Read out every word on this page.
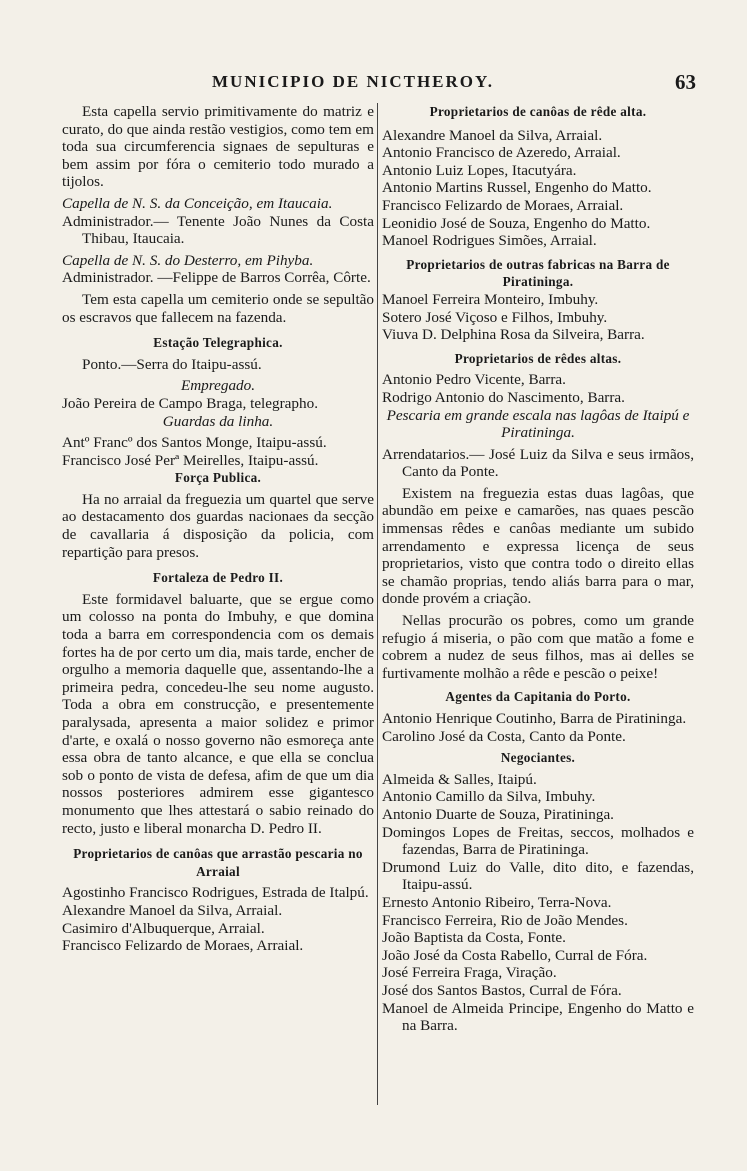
MUNICIPIO DE NICTHEROY.	63

Esta capella servio primitivamente do matriz e curato, do que ainda restão vestigios, como tem em toda sua circumferencia signaes de sepulturas e bem assim por fóra o cemiterio todo murado a tijolos.

Capella de N. S. da Conceição, em Itaucaia.

Administrador.— Tenente João Nunes da Costa Thibau, Itaucaia.

Capella de N. S. do Desterro, em Pihyba.

Administrador. —Felippe de Barros Corrêa, Côrte.

Tem esta capella um cemiterio onde se sepultão os escravos que fallecem na fazenda.

Estação Telegraphica.

Ponto.—Serra do Itaipu-assú.

Empregado.

João Pereira de Campo Braga, telegrapho.

Guardas da linha.

Antº Francº dos Santos Monge, Itaipu-assú.

Francisco José Perª Meirelles, Itaipu-assú.

Força Publica.

Ha no arraial da freguezia um quartel que serve ao destacamento dos guardas nacionaes da secção de cavallaria á disposição da policia, com repartição para presos.

Fortaleza de Pedro II.

Este formidavel baluarte, que se ergue como um colosso na ponta do Imbuhy, e que domina toda a barra em correspondencia com os demais fortes ha de por certo um dia, mais tarde, encher de orgulho a memoria daquelle que, assentando-lhe a primeira pedra, concedeu-lhe seu nome augusto. Toda a obra em construcção, e presentemente paralysada, apresenta a maior solidez e primor d'arte, e oxalá o nosso governo não esmoreça ante essa obra de tanto alcance, e que ella se conclua sob o ponto de vista de defesa, afim de que um dia nossos posteriores admirem esse gigantesco monumento que lhes attestará o sabio reinado do recto, justo e liberal monarcha D. Pedro II.

Proprietarios de canôas que arrastão pescaria no Arraial

Agostinho Francisco Rodrigues, Estrada de Italpú.

Alexandre Manoel da Silva, Arraial.

Casimiro d'Albuquerque, Arraial.

Francisco Felizardo de Moraes, Arraial.

Proprietarios de canôas de rêde alta.

Alexandre Manoel da Silva, Arraial.

Antonio Francisco de Azeredo, Arraial.

Antonio Luiz Lopes, Itacutyára.

Antonio Martins Russel, Engenho do Matto.

Francisco Felizardo de Moraes, Arraial.

Leonidio José de Souza, Engenho do Matto.

Manoel Rodrigues Simões, Arraial.

Proprietarios de outras fabricas na Barra de Piratininga.

Manoel Ferreira Monteiro, Imbuhy.

Sotero José Viçoso e Filhos, Imbuhy.

Viuva D. Delphina Rosa da Silveira, Barra.

Proprietarios de rêdes altas.

Antonio Pedro Vicente, Barra.

Rodrigo Antonio do Nascimento, Barra.

Pescaria em grande escala nas lagôas de Itaipú e Piratininga.

Arrendatarios.— José Luiz da Silva e seus irmãos, Canto da Ponte.

Existem na freguezia estas duas lagôas, que abundão em peixe e camarões, nas quaes pescão immensas rêdes e canôas mediante um subido arrendamento e expressa licença de seus proprietarios, visto que contra todo o direito ellas se chamão proprias, tendo aliás barra para o mar, donde provém a criação.

Nellas procurão os pobres, como um grande refugio á miseria, o pão com que matão a fome e cobrem a nudez de seus filhos, mas ai delles se furtivamente molhão a rêde e pescão o peixe!

Agentes da Capitania do Porto.

Antonio Henrique Coutinho, Barra de Piratininga.

Carolino José da Costa, Canto da Ponte.

Negociantes.

Almeida & Salles, Itaipú.

Antonio Camillo da Silva, Imbuhy.

Antonio Duarte de Souza, Piratininga.

Domingos Lopes de Freitas, seccos, molhados e fazendas, Barra de Piratininga.

Drumond Luiz do Valle, dito dito, e fazendas, Itaipu-assú.

Ernesto Antonio Ribeiro, Terra-Nova.

Francisco Ferreira, Rio de João Mendes.

João Baptista da Costa, Fonte.

João José da Costa Rabello, Curral de Fóra.

José Ferreira Fraga, Viração.

José dos Santos Bastos, Curral de Fóra.

Manoel de Almeida Principe, Engenho do Matto e na Barra.
